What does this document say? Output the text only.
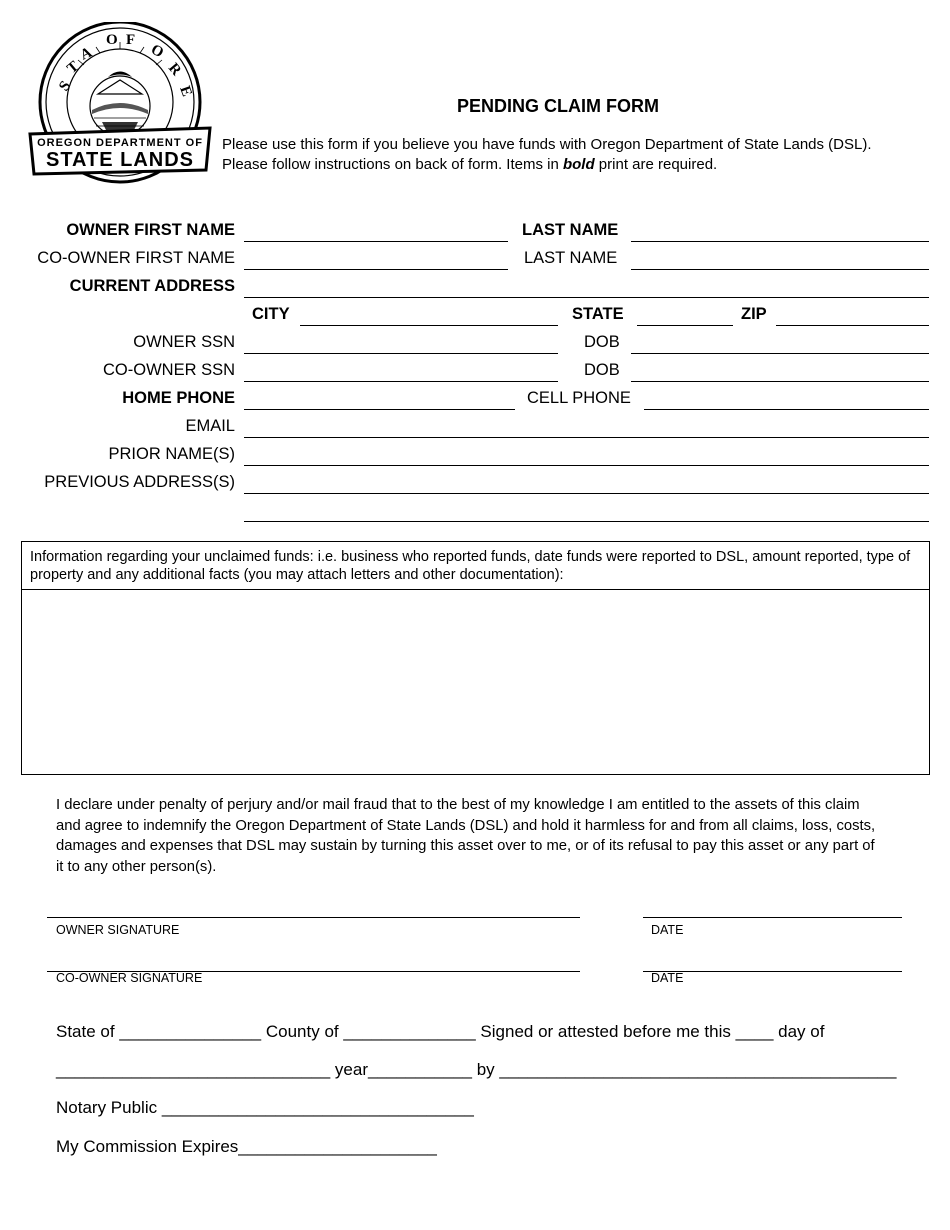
S
T
A
O F
O
R
E
OREGON DEPARTMENT OF
STATE LANDS
PENDING CLAIM FORM
Please use this form if you believe you have funds with Oregon Department of State Lands (DSL). Please follow instructions on back of form. Items in bold print are required.
OWNER FIRST NAME	LAST NAME
CO-OWNER FIRST NAME	LAST NAME
CURRENT ADDRESS
CITY	STATE	ZIP
OWNER SSN	DOB
CO-OWNER SSN	DOB
HOME PHONE	CELL PHONE
EMAIL
PRIOR NAME(S)
PREVIOUS ADDRESS(S)
Information regarding your unclaimed funds: i.e. business who reported funds, date funds were reported to DSL, amount reported, type of property and any additional facts (you may attach letters and other documentation):
I declare under penalty of perjury and/or mail fraud that to the best of my knowledge I am entitled to the assets of this claim and agree to indemnify the Oregon Department of State Lands (DSL) and hold it harmless for and from all claims, loss, costs, damages and expenses that DSL may sustain by turning this asset over to me, or of its refusal to pay this asset or any part of it to any other person(s).
OWNER SIGNATURE	DATE
CO-OWNER SIGNATURE	DATE
State of _______________ County of ______________ Signed or attested before me this ____ day of
_____________________________ year___________ by __________________________________________
Notary Public _________________________________
My Commission Expires_____________________
